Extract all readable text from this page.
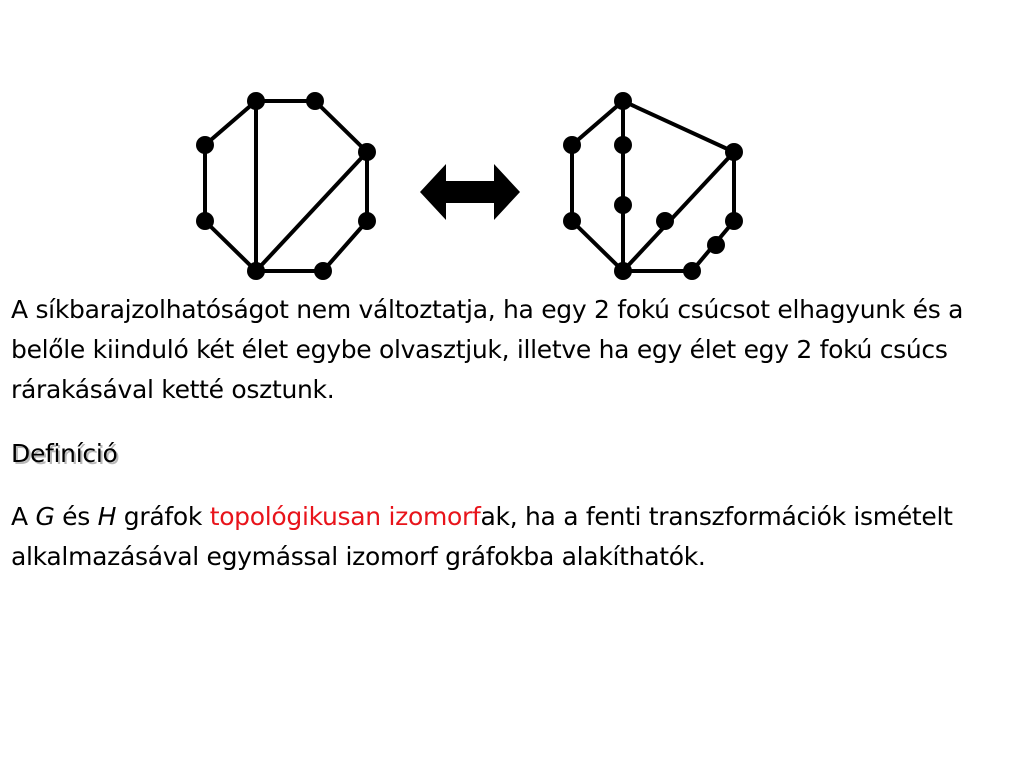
A síkbarajzolhatóságot nem változtatja, ha egy 2 fokú csúcsot elhagyunk és a belőle kiinduló két élet egybe olvasztjuk, illetve ha egy élet egy 2 fokú csúcs rárakásával ketté osztunk.
Definíció
A G és H gráfok topológikusan izomorfak, ha a fenti transzformációk ismételt alkalmazásával egymással izomorf gráfokba alakíthatók.
